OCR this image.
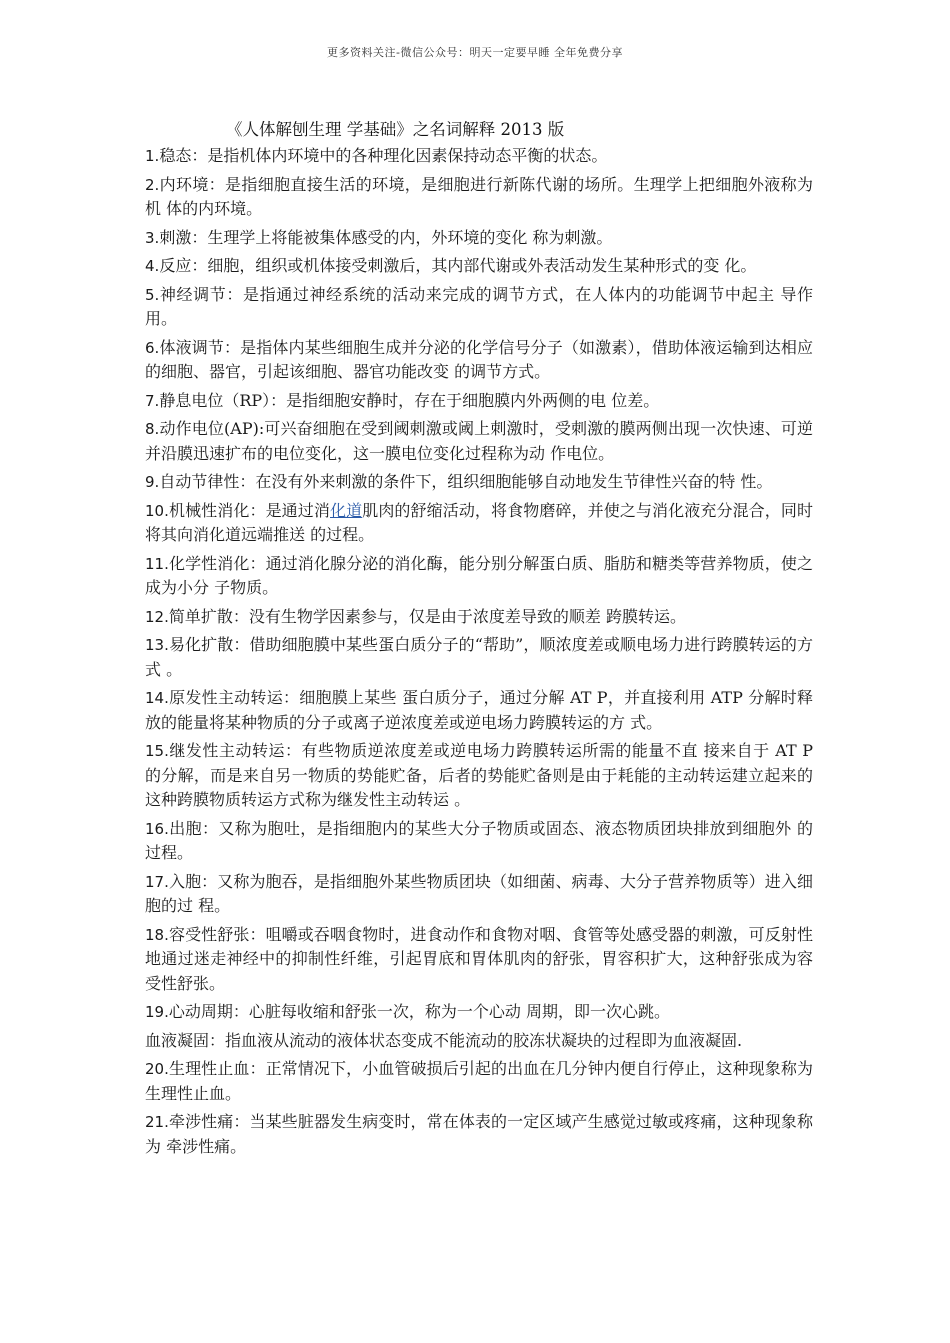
更多资料关注-微信公众号：明天一定要早睡 全年免费分享
《人体解刨生理 学基础》之名词解释 2013 版

1.稳态：是指机体内环境中的各种理化因素保持动态平衡的状态。

2.内环境：是指细胞直接生活的环境，是细胞进行新陈代谢的场所。生理学上把细胞外液称为机 体的内环境。

3.刺激：生理学上将能被集体感受的内，外环境的变化 称为刺激。

4.反应：细胞，组织或机体接受刺激后，其内部代谢或外表活动发生某种形式的变 化。

5.神经调节：是指通过神经系统的活动来完成的调节方式，在人体内的功能调节中起主 导作用。

6.体液调节：是指体内某些细胞生成并分泌的化学信号分子（如激素），借助体液运输到达相应的细胞、器官，引起该细胞、器官功能改变 的调节方式。

7.静息电位（RP）：是指细胞安静时，存在于细胞膜内外两侧的电 位差。

8.动作电位(AP):可兴奋细胞在受到阈刺激或阈上刺激时，受刺激的膜两侧出现一次快速、可逆并沿膜迅速扩布的电位变化，这一膜电位变化过程称为动 作电位。

9.自动节律性：在没有外来刺激的条件下，组织细胞能够自动地发生节律性兴奋的特 性。

10.机械性消化：是通过消化道肌肉的舒缩活动，将食物磨碎，并使之与消化液充分混合，同时将其向消化道远端推送 的过程。

11.化学性消化：通过消化腺分泌的消化酶，能分别分解蛋白质、脂肪和糖类等营养物质，使之成为小分 子物质。

12.简单扩散：没有生物学因素参与，仅是由于浓度差导致的顺差 跨膜转运。

13.易化扩散：借助细胞膜中某些蛋白质分子的“帮助”，顺浓度差或顺电场力进行跨膜转运的方式 。

14.原发性主动转运：细胞膜上某些 蛋白质分子，通过分解 AT P，并直接利用 ATP 分解时释放的能量将某种物质的分子或离子逆浓度差或逆电场力跨膜转运的方 式。

15.继发性主动转运：有些物质逆浓度差或逆电场力跨膜转运所需的能量不直 接来自于 AT P 的分解，而是来自另一物质的势能贮备，后者的势能贮备则是由于耗能的主动转运建立起来的这种跨膜物质转运方式称为继发性主动转运 。

16.出胞：又称为胞吐，是指细胞内的某些大分子物质或固态、液态物质团块排放到细胞外 的过程。

17.入胞：又称为胞吞，是指细胞外某些物质团块（如细菌、病毒、大分子营养物质等）进入细胞的过 程。

18.容受性舒张：咀嚼或吞咽食物时，进食动作和食物对咽、食管等处感受器的刺激，可反射性地通过迷走神经中的抑制性纤维，引起胃底和胃体肌肉的舒张，胃容积扩大，这种舒张成为容受性舒张。

19.心动周期：心脏每收缩和舒张一次，称为一个心动 周期，即一次心跳。

血液凝固：指血液从流动的液体状态变成不能流动的胶冻状凝块的过程即为血液凝固.

20.生理性止血：正常情况下，小血管破损后引起的出血在几分钟内便自行停止，这种现象称为生理性止血。

21.牵涉性痛：当某些脏器发生病变时，常在体表的一定区域产生感觉过敏或疼痛，这种现象称为 牵涉性痛。
